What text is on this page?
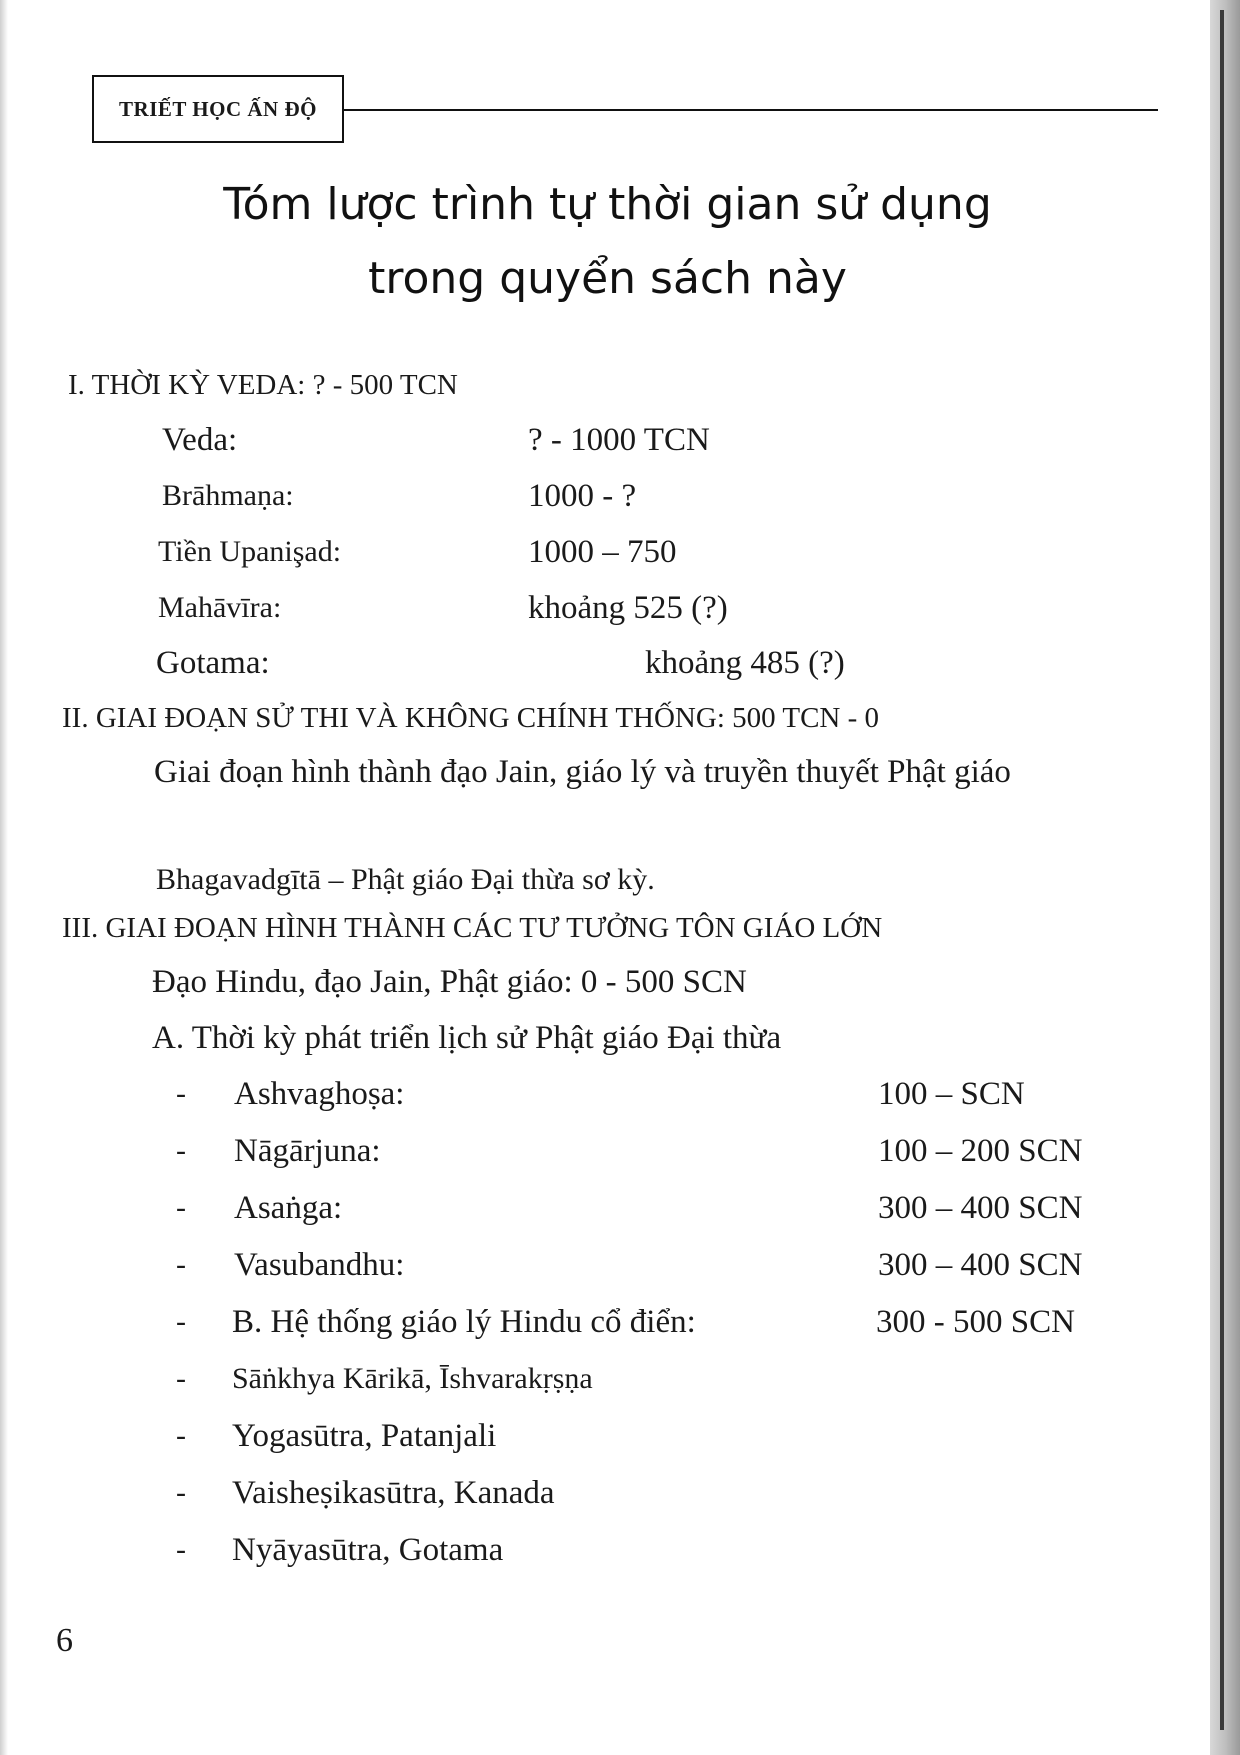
TRIẾT HỌC ẤN ĐỘ
Tóm lược trình tự thời gian sử dụng
trong quyển sách này
I. THỜI KỲ VEDA: ? - 500 TCN
Veda:	? - 1000 TCN
Brāhmaṇa:	1000 - ?
Tiền Upanişad:	1000 – 750
Mahāvīra:	khoảng 525 (?)
Gotama:	khoảng 485 (?)
II. GIAI ĐOẠN SỬ THI VÀ KHÔNG CHÍNH THỐNG: 500 TCN - 0
Giai đoạn hình thành đạo Jain, giáo lý và truyền thuyết Phật giáo
Bhagavadgītā – Phật giáo Đại thừa sơ kỳ.
III. GIAI ĐOẠN HÌNH THÀNH CÁC TƯ TƯỞNG TÔN GIÁO LỚN
Đạo Hindu, đạo Jain, Phật giáo: 0 - 500 SCN
A. Thời kỳ phát triển lịch sử Phật giáo Đại thừa
- Ashvaghoṣa:	100 – SCN
- Nāgārjuna:	100 – 200 SCN
- Asaṅga:	300 – 400 SCN
- Vasubandhu:	300 – 400 SCN
- B. Hệ thống giáo lý Hindu cổ điển:	300 - 500 SCN
- Sāṅkhya Kārikā, Īshvarakṛṣṇa
- Yogasūtra, Patanjali
- Vaisheṣikasūtra, Kanada
- Nyāyasūtra, Gotama
6
